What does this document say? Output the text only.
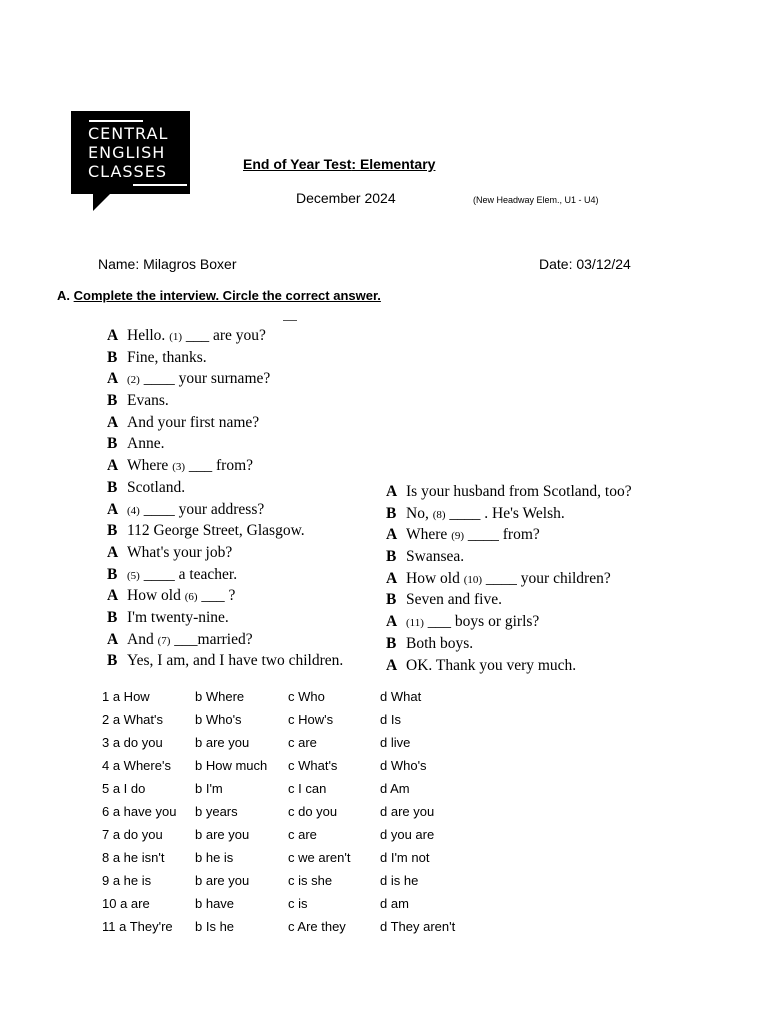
CENTRAL
ENGLISH
CLASSES	End of Year Test: Elementary
December 2024	(New Headway Elem., U1 - U4)
Name: Milagros Boxer	Date: 03/12/24
A. Complete the interview. Circle the correct answer.
A Hello. (1) ___ are you?
B Fine, thanks.
A (2) ____ your surname?
B Evans.
A And your first name?
B Anne.
A Where (3) ___ from?
B Scotland.
A (4) ____ your address?
B 112 George Street, Glasgow.
A What's your job?
B (5) ____ a teacher.
A How old (6) ___ ?
B I'm twenty-nine.
A And (7) ___married?
B Yes, I am, and I have two children.
A Is your husband from Scotland, too?
B No, (8) ____ . He's Welsh.
A Where (9) ____ from?
B Swansea.
A How old (10) ____ your children?
B Seven and five.
A (11) ___ boys or girls?
B Both boys.
A OK. Thank you very much.
1 a How	b Where	c Who	d What
2 a What's b Who's	c How's	d Is
3 a do you b are you	c are	d live
4 a Where's b How much c What's	d Who's
5 a I do	b I'm	c I can	d Am
6 a have you b years	c do you	d are you
7 a do you b are you	c are	d you are
8 a he isn't b he is	c we aren't d I'm not
9 a he is	b are you	c is she	d is he
10 a are	b have	c is	d am
11 a They're b Is he	c Are they	d They aren't
